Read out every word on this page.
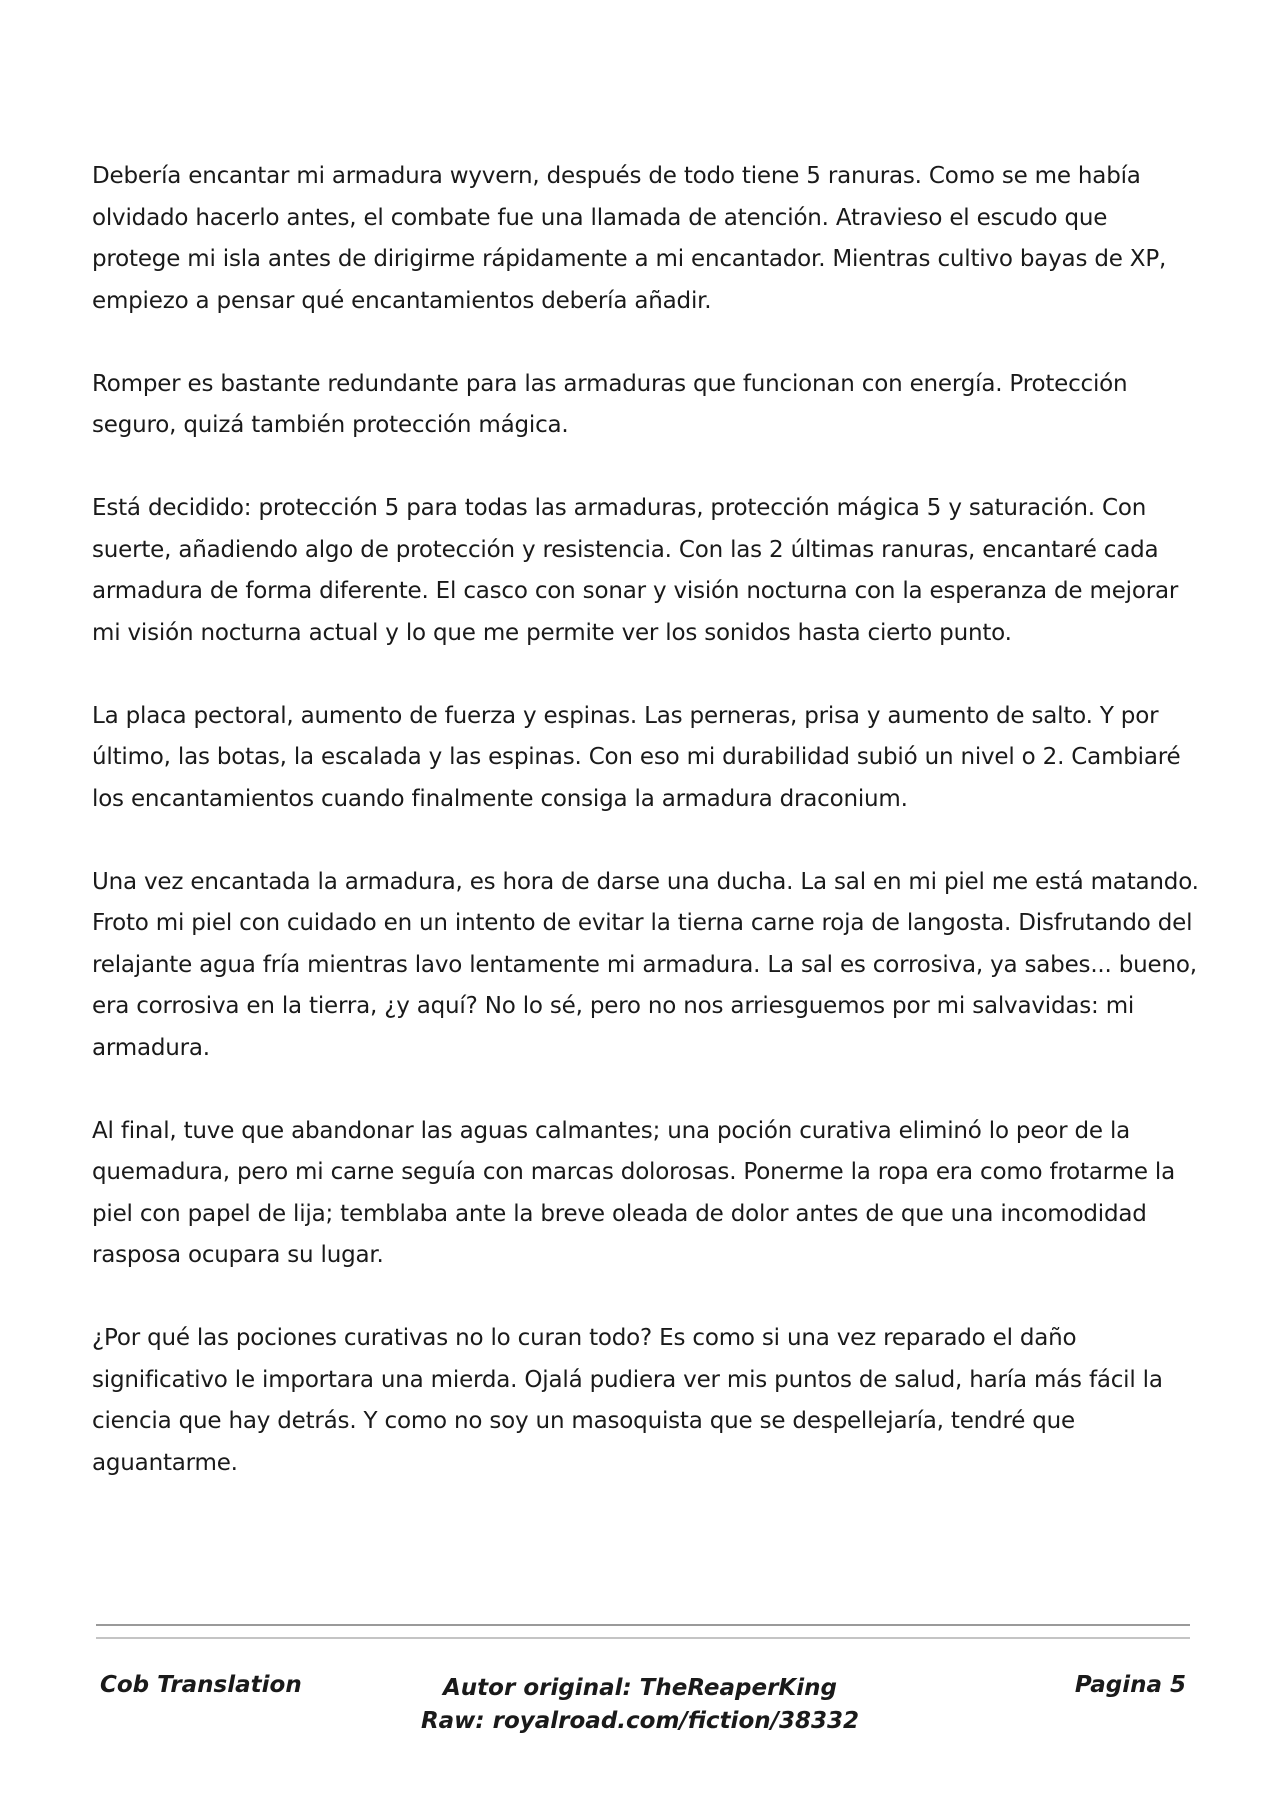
Debería encantar mi armadura wyvern, después de todo tiene 5 ranuras. Como se me había olvidado hacerlo antes, el combate fue una llamada de atención. Atravieso el escudo que protege mi isla antes de dirigirme rápidamente a mi encantador. Mientras cultivo bayas de XP, empiezo a pensar qué encantamientos debería añadir.

Romper es bastante redundante para las armaduras que funcionan con energía. Protección seguro, quizá también protección mágica.

Está decidido: protección 5 para todas las armaduras, protección mágica 5 y saturación. Con suerte, añadiendo algo de protección y resistencia. Con las 2 últimas ranuras, encantaré cada armadura de forma diferente. El casco con sonar y visión nocturna con la esperanza de mejorar mi visión nocturna actual y lo que me permite ver los sonidos hasta cierto punto.

La placa pectoral, aumento de fuerza y espinas. Las perneras, prisa y aumento de salto. Y por último, las botas, la escalada y las espinas. Con eso mi durabilidad subió un nivel o 2. Cambiaré los encantamientos cuando finalmente consiga la armadura draconium.

Una vez encantada la armadura, es hora de darse una ducha. La sal en mi piel me está matando. Froto mi piel con cuidado en un intento de evitar la tierna carne roja de langosta. Disfrutando del relajante agua fría mientras lavo lentamente mi armadura. La sal es corrosiva, ya sabes... bueno, era corrosiva en la tierra, ¿y aquí? No lo sé, pero no nos arriesguemos por mi salvavidas: mi armadura.

Al final, tuve que abandonar las aguas calmantes; una poción curativa eliminó lo peor de la quemadura, pero mi carne seguía con marcas dolorosas. Ponerme la ropa era como frotarme la piel con papel de lija; temblaba ante la breve oleada de dolor antes de que una incomodidad rasposa ocupara su lugar.

¿Por qué las pociones curativas no lo curan todo? Es como si una vez reparado el daño significativo le importara una mierda. Ojalá pudiera ver mis puntos de salud, haría más fácil la ciencia que hay detrás. Y como no soy un masoquista que se despellejaría, tendré que aguantarme.

Cob Translation	Autor original: TheReaperKing
Raw: royalroad.com/fiction/38332
Pagina 5
